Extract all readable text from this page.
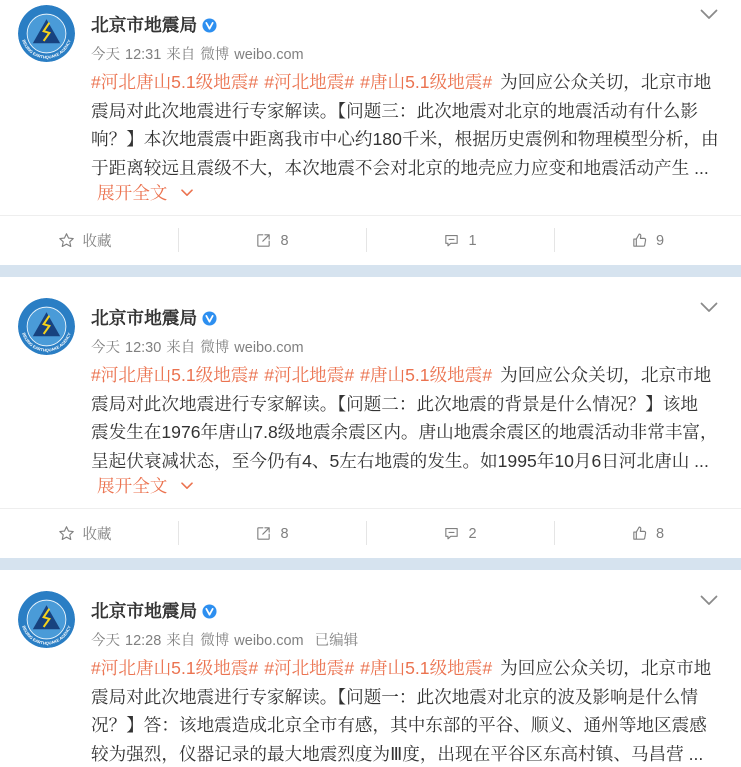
北京市地震局
今天 12:31 来自 微博 weibo.com
#河北唐山5.1级地震# #河北地震# #唐山5.1级地震# 为回应公众关切，北京市地
震局对此次地震进行专家解读。【问题三：此次地震对北京的地震活动有什么影
响？】本次地震震中距离我市中心约180千米，根据历史震例和物理模型分析，由
于距离较远且震级不大，本次地震不会对北京的地壳应力应变和地震活动产生 ...
展开全文
收藏	8	1	9
北京市地震局
今天 12:30 来自 微博 weibo.com
#河北唐山5.1级地震# #河北地震# #唐山5.1级地震# 为回应公众关切，北京市地
震局对此次地震进行专家解读。【问题二：此次地震的背景是什么情况？】该地
震发生在1976年唐山7.8级地震余震区内。唐山地震余震区的地震活动非常丰富，
呈起伏衰减状态，至今仍有4、5左右地震的发生。如1995年10月6日河北唐山 ...
展开全文
收藏	8	2	8
北京市地震局
今天 12:28 来自 微博 weibo.com 已编辑
#河北唐山5.1级地震# #河北地震# #唐山5.1级地震# 为回应公众关切，北京市地
震局对此次地震进行专家解读。【问题一：此次地震对北京的波及影响是什么情
况？】答：该地震造成北京全市有感，其中东部的平谷、顺义、通州等地区震感
较为强烈，仪器记录的最大地震烈度为Ⅲ度，出现在平谷区东高村镇、马昌营 ...
